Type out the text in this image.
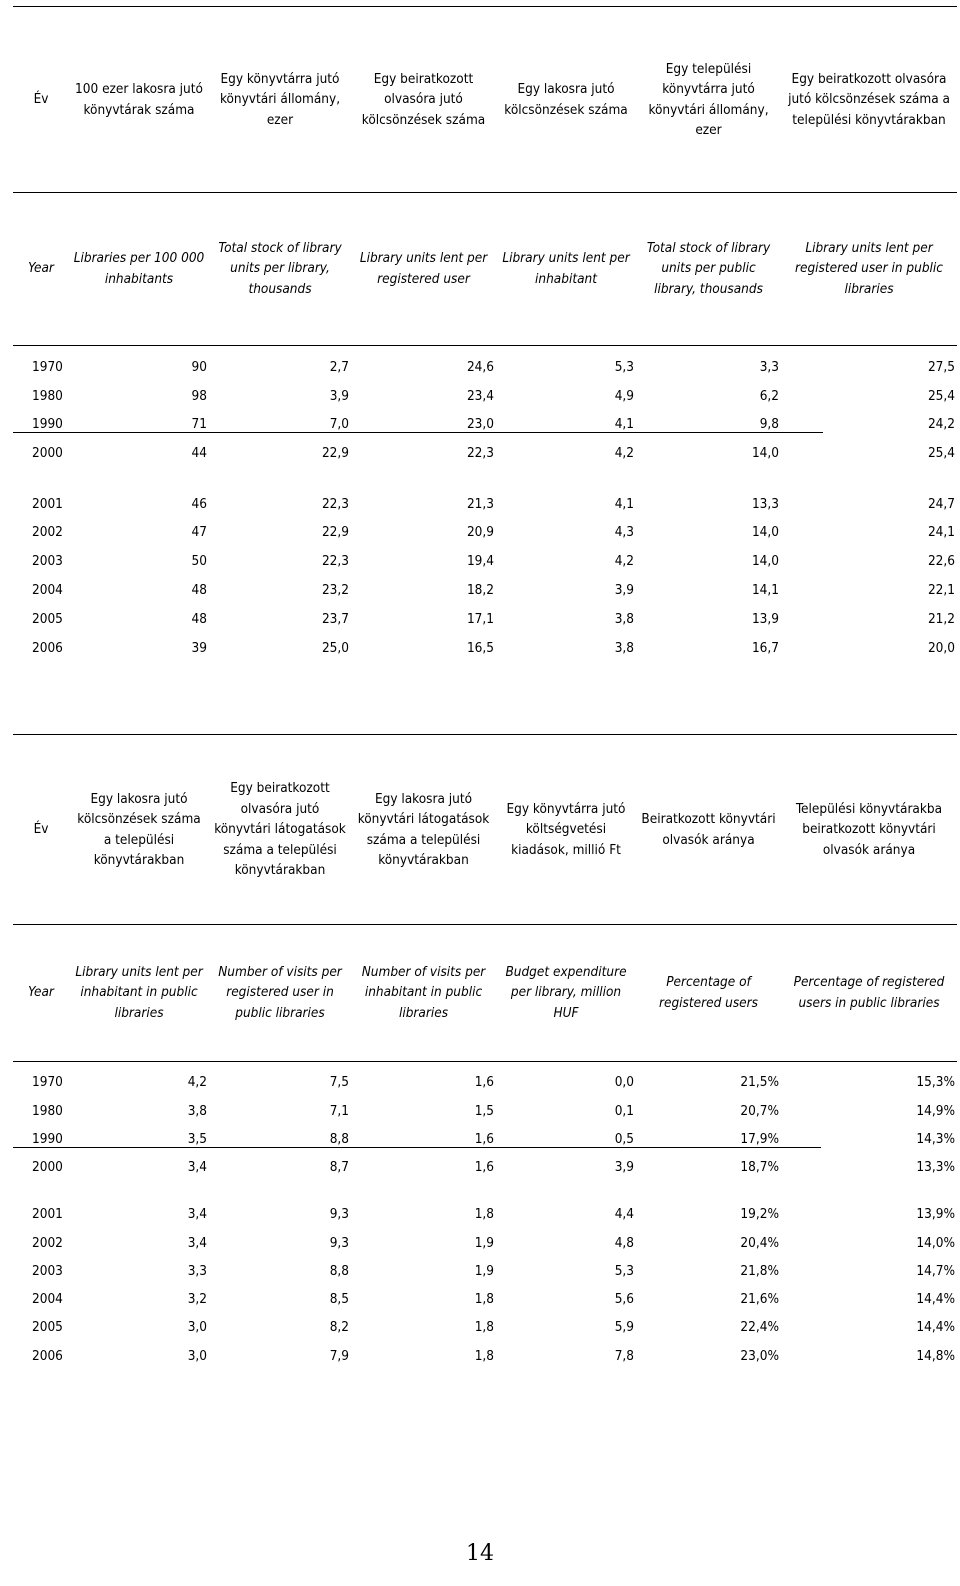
Év
100 ezer lakosra jutó könyvtárak száma
Egy könyvtárra jutó könyvtári állomány, ezer
Egy beiratkozott olvasóra jutó kölcsönzések száma
Egy lakosra jutó kölcsönzések száma
Egy települési könyvtárra jutó könyvtári állomány, ezer
Egy beiratkozott olvasóra jutó kölcsönzések száma a települési könyvtárakban
Year
Libraries per 100 000 inhabitants
Total stock of library units per library, thousands
Library units lent per registered user
Library units lent per inhabitant
Total stock of library units per public library, thousands
Library units lent per registered user in public libraries
1970	90	2,7	24,6	5,3	3,3	27,5
1980	98	3,9	23,4	4,9	6,2	25,4
1990	71	7,0	23,0	4,1	9,8	24,2
2000	44	22,9	22,3	4,2	14,0	25,4
2001	46	22,3	21,3	4,1	13,3	24,7
2002	47	22,9	20,9	4,3	14,0	24,1
2003	50	22,3	19,4	4,2	14,0	22,6
2004	48	23,2	18,2	3,9	14,1	22,1
2005	48	23,7	17,1	3,8	13,9	21,2
2006	39	25,0	16,5	3,8	16,7	20,0
Év
Egy lakosra jutó kölcsönzések száma a települési könyvtárakban
Egy beiratkozott olvasóra jutó könyvtári látogatások száma a települési könyvtárakban
Egy lakosra jutó könyvtári látogatások száma a települési könyvtárakban
Egy könyvtárra jutó költségvetési kiadások, millió Ft
Beiratkozott könyvtári olvasók aránya
Települési könyvtárakba beiratkozott könyvtári olvasók aránya
Year
Library units lent per inhabitant in public libraries
Number of visits per registered user in public libraries
Number of visits per inhabitant in public libraries
Budget expenditure per library, million HUF
Percentage of registered users
Percentage of registered users in public libraries
1970	4,2	7,5	1,6	0,0	21,5%	15,3%
1980	3,8	7,1	1,5	0,1	20,7%	14,9%
1990	3,5	8,8	1,6	0,5	17,9%	14,3%
2000	3,4	8,7	1,6	3,9	18,7%	13,3%
2001	3,4	9,3	1,8	4,4	19,2%	13,9%
2002	3,4	9,3	1,9	4,8	20,4%	14,0%
2003	3,3	8,8	1,9	5,3	21,8%	14,7%
2004	3,2	8,5	1,8	5,6	21,6%	14,4%
2005	3,0	8,2	1,8	5,9	22,4%	14,4%
2006	3,0	7,9	1,8	7,8	23,0%	14,8%
14
